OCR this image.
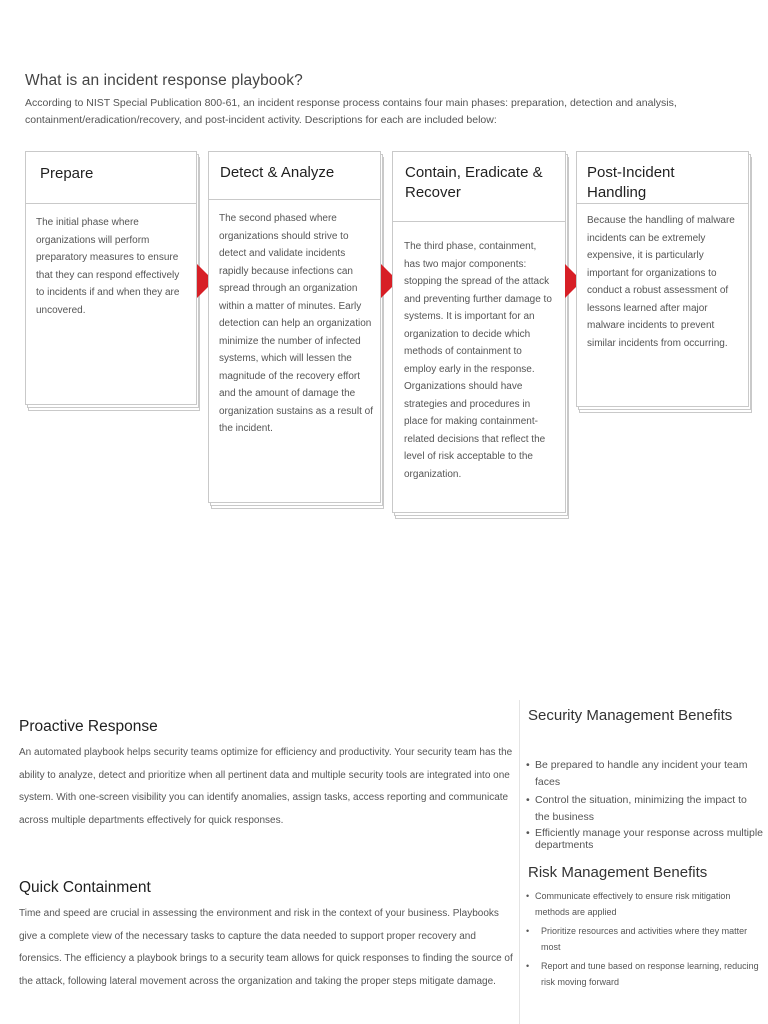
What is an incident response playbook?

According to NIST Special Publication 800-61, an incident response process contains four main phases: preparation, detection and analysis, containment/eradication/recovery, and post-incident activity. Descriptions for each are included below:

Prepare

The initial phase where organizations will perform preparatory measures to ensure that they can respond effectively to incidents if and when they are uncovered.

Detect & Analyze

The second phased where organizations should strive to detect and validate incidents rapidly because infections can spread through an organization within a matter of minutes. Early detection can help an organization minimize the number of infected systems, which will lessen the magnitude of the recovery effort and the amount of damage the organization sustains as a result of the incident.

Contain, Eradicate & Recover

The third phase, containment, has two major components: stopping the spread of the attack and preventing further damage to systems. It is important for an organization to decide which methods of containment to employ early in the response. Organizations should have strategies and procedures in place for making containment-related decisions that reflect the level of risk acceptable to the organization.

Post-Incident Handling

Because the handling of malware incidents can be extremely expensive, it is particularly important for organizations to conduct a robust assessment of lessons learned after major malware incidents to prevent similar incidents from occurring.

Proactive Response

An automated playbook helps security teams optimize for efficiency and productivity. Your security team has the ability to analyze, detect and prioritize when all pertinent data and multiple security tools are integrated into one system. With one-screen visibility you can identify anomalies, assign tasks, access reporting and communicate across multiple departments effectively for quick responses.

Quick Containment

Time and speed are crucial in assessing the environment and risk in the context of your business. Playbooks give a complete view of the necessary tasks to capture the data needed to support proper recovery and forensics. The efficiency a playbook brings to a security team allows for quick responses to finding the source of the attack, following lateral movement across the organization and taking the proper steps mitigate damage.

Security Management Benefits
• Be prepared to handle any incident your team faces
• Control the situation, minimizing the impact to the business
• Efficiently manage your response across multiple departments
Risk Management Benefits
• Communicate effectively to ensure risk mitigation methods are applied
• Prioritize resources and activities where they matter most
• Report and tune based on response learning, reducing risk moving forward
